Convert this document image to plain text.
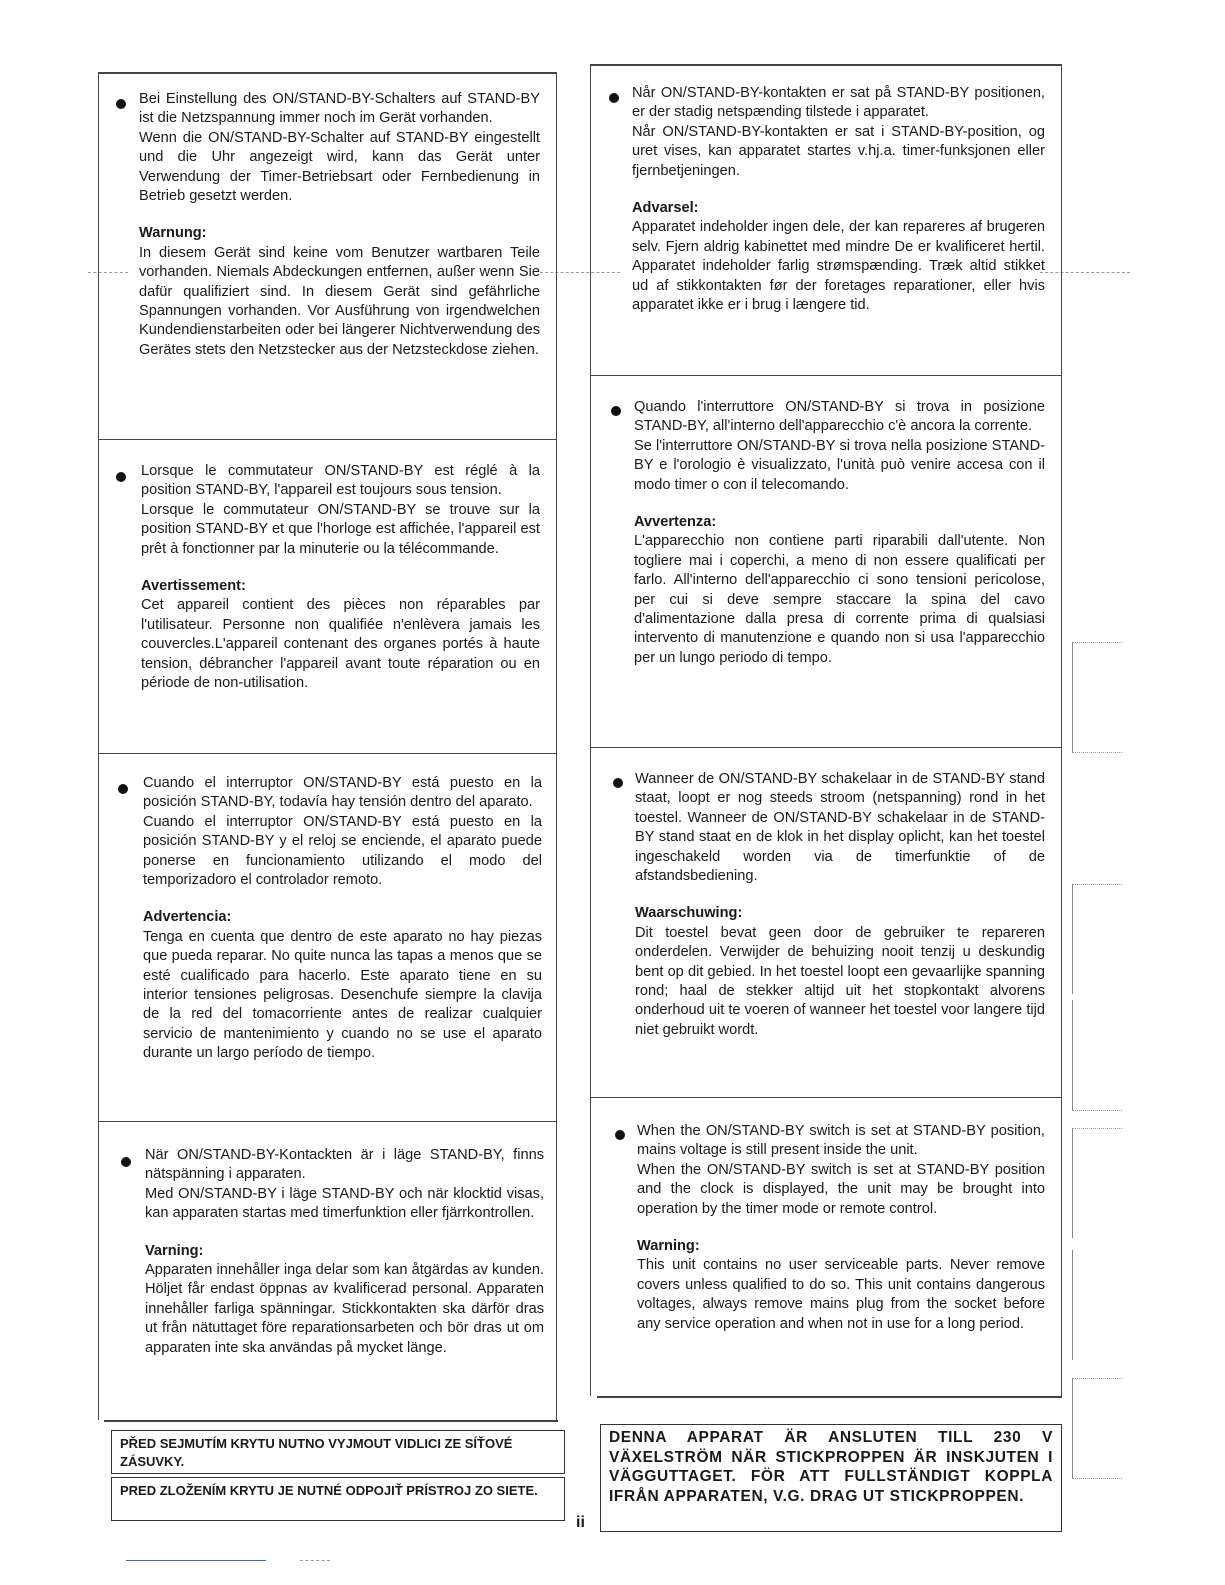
Bei Einstellung des ON/STAND-BY-Schalters auf STAND-BY ist die Netzspannung immer noch im Gerät vorhanden.

Wenn die ON/STAND-BY-Schalter auf STAND-BY eingestellt und die Uhr angezeigt wird, kann das Gerät unter Verwendung der Timer-Betriebsart oder Fernbedienung in Betrieb gesetzt werden.

Warnung:

In diesem Gerät sind keine vom Benutzer wartbaren Teile vorhanden. Niemals Abdeckungen entfernen, außer wenn Sie dafür qualifiziert sind. In diesem Gerät sind gefährliche Spannungen vorhanden. Vor Ausführung von irgendwelchen Kundendienstarbeiten oder bei längerer Nichtverwendung des Gerätes stets den Netzstecker aus der Netzsteckdose ziehen.

Lorsque le commutateur ON/STAND-BY est réglé à la position STAND-BY, l'appareil est toujours sous tension.

Lorsque le commutateur ON/STAND-BY se trouve sur la position STAND-BY et que l'horloge est affichée, l'appareil est prêt à fonctionner par la minuterie ou la télécommande.

Avertissement:

Cet appareil contient des pièces non réparables par l'utilisateur. Personne non qualifiée n'enlèvera jamais les couvercles.L'appareil contenant des organes portés à haute tension, débrancher l'appareil avant toute réparation ou en période de non-utilisation.

Cuando el interruptor ON/STAND-BY está puesto en la posición STAND-BY, todavía hay tensión dentro del aparato.

Cuando el interruptor ON/STAND-BY está puesto en la posición STAND-BY y el reloj se enciende, el aparato puede ponerse en funcionamiento utilizando el modo del temporizadoro el controlador remoto.

Advertencia:

Tenga en cuenta que dentro de este aparato no hay piezas que pueda reparar. No quite nunca las tapas a menos que se esté cualificado para hacerlo. Este aparato tiene en su interior tensiones peligrosas. Desenchufe siempre la clavija de la red del tomacorriente antes de realizar cualquier servicio de mantenimiento y cuando no se use el aparato durante un largo período de tiempo.

När ON/STAND-BY-Kontackten är i läge STAND-BY, finns nätspänning i apparaten.

Med ON/STAND-BY i läge STAND-BY och när klocktid visas, kan apparaten startas med timerfunktion eller fjärrkontrollen.

Varning:

Apparaten innehåller inga delar som kan åtgärdas av kunden. Höljet får endast öppnas av kvalificerad personal. Apparaten innehåller farliga spänningar. Stickkontakten ska därför dras ut från nätuttaget före reparationsarbeten och bör dras ut om apparaten inte ska användas på mycket länge.

Når ON/STAND-BY-kontakten er sat på STAND-BY positionen, er der stadig netspænding tilstede i apparatet.

Når ON/STAND-BY-kontakten er sat i STAND-BY-position, og uret vises, kan apparatet startes v.hj.a. timer-funksjonen eller fjernbetjeningen.

Advarsel:

Apparatet indeholder ingen dele, der kan repareres af brugeren selv. Fjern aldrig kabinettet med mindre De er kvalificeret hertil. Apparatet indeholder farlig strømspænding. Træk altid stikket ud af stikkontakten før der foretages reparationer, eller hvis apparatet ikke er i brug i længere tid.

Quando l'interruttore ON/STAND-BY si trova in posizione STAND-BY, all'interno dell'apparecchio c'è ancora la corrente.

Se l'interruttore ON/STAND-BY si trova nella posizione STAND-BY e l'orologio è visualizzato, l'unità può venire accesa con il modo timer o con il telecomando.

Avvertenza:

L'apparecchio non contiene parti riparabili dall'utente. Non togliere mai i coperchi, a meno di non essere qualificati per farlo. All'interno dell'apparecchio ci sono tensioni pericolose, per cui si deve sempre staccare la spina del cavo d'alimentazione dalla presa di corrente prima di qualsiasi intervento di manutenzione e quando non si usa l'apparecchio per un lungo periodo di tempo.

Wanneer de ON/STAND-BY schakelaar in de STAND-BY stand staat, loopt er nog steeds stroom (netspanning) rond in het toestel. Wanneer de ON/STAND-BY schakelaar in de STAND-BY stand staat en de klok in het display oplicht, kan het toestel ingeschakeld worden via de timerfunktie of de afstandsbediening.

Waarschuwing:

Dit toestel bevat geen door de gebruiker te repareren onderdelen. Verwijder de behuizing nooit tenzij u deskundig bent op dit gebied. In het toestel loopt een gevaarlijke spanning rond; haal de stekker altijd uit het stopkontakt alvorens onderhoud uit te voeren of wanneer het toestel voor langere tijd niet gebruikt wordt.

When the ON/STAND-BY switch is set at STAND-BY position, mains voltage is still present inside the unit.

When the ON/STAND-BY switch is set at STAND-BY position and the clock is displayed, the unit may be brought into operation by the timer mode or remote control.

Warning:

This unit contains no user serviceable parts. Never remove covers unless qualified to do so. This unit contains dangerous voltages, always remove mains plug from the socket before any service operation and when not in use for a long period.

PŘED SEJMUTÍM KRYTU NUTNO VYJMOUT VIDLICI ZE SÍŤOVÉ ZÁSUVKY.
PRED ZLOŽENÍM KRYTU JE NUTNÉ ODPOJIŤ PRÍSTROJ ZO SIETE.
ii
DENNA APPARAT ÄR ANSLUTEN TILL 230 V VÄXELSTRÖM NÄR STICKPROPPEN ÄR INSKJUTEN I VÄGGUTTAGET. FÖR ATT FULLSTÄNDIGT KOPPLA IFRÅN APPARATEN, V.G. DRAG UT STICKPROPPEN.
